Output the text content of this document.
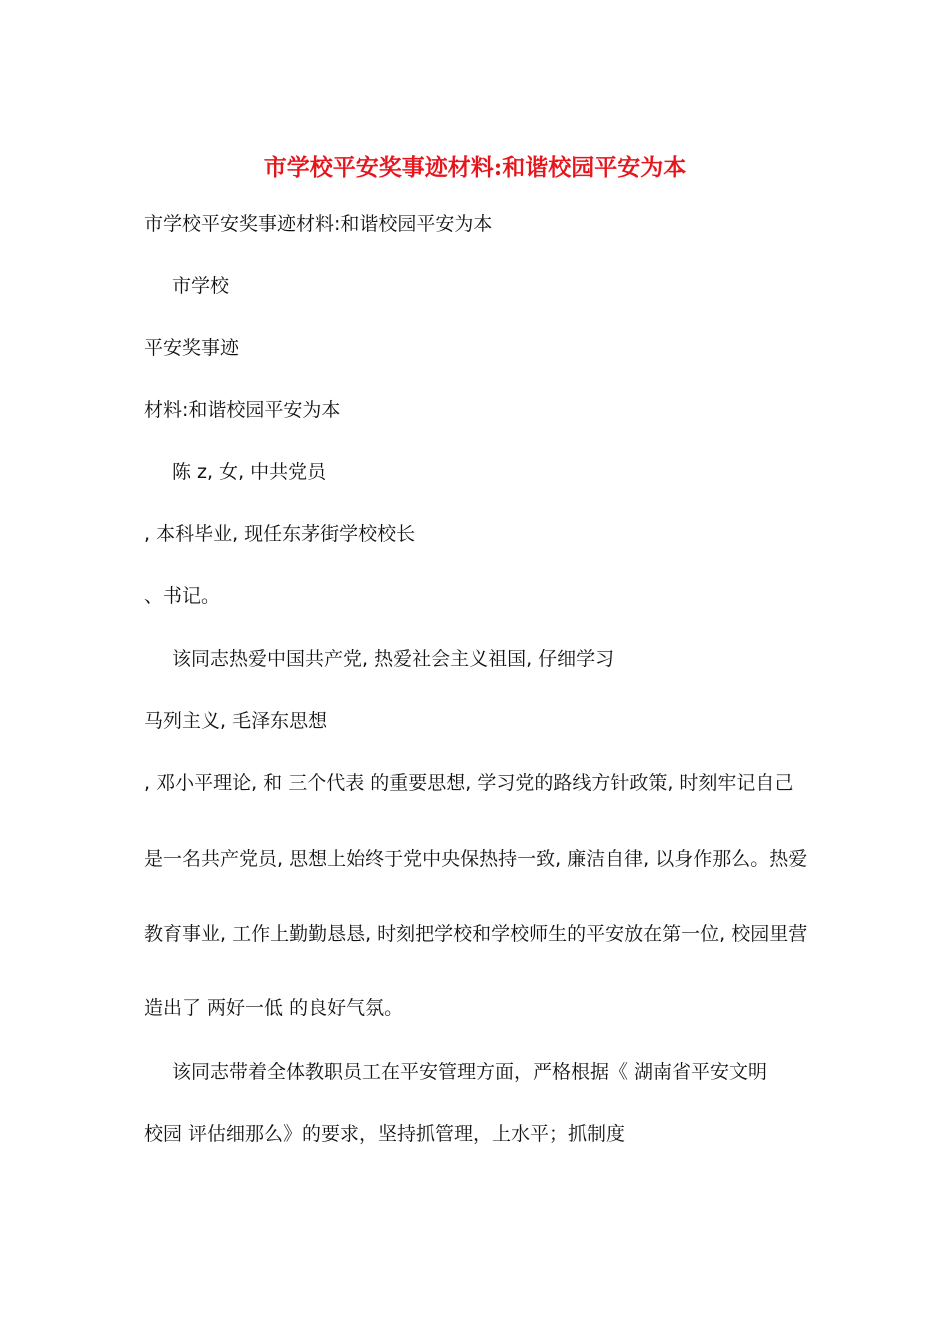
市学校平安奖事迹材料:和谐校园平安为本
市学校平安奖事迹材料:和谐校园平安为本
市学校
平安奖事迹
材料:和谐校园平安为本
陈 z, 女, 中共党员
, 本科毕业, 现任东茅街学校校长
、书记。
该同志热爱中国共产党, 热爱社会主义祖国, 仔细学习
马列主义, 毛泽东思想
, 邓小平理论, 和 三个代表 的重要思想, 学习党的路线方针政策, 时刻牢记自己
是一名共产党员, 思想上始终于党中央保热持一致, 廉洁自律, 以身作那么。热爱
教育事业, 工作上勤勤恳恳, 时刻把学校和学校师生的平安放在第一位, 校园里营
造出了 两好一低 的良好气氛。
该同志带着全体教职员工在平安管理方面，严格根据《 湖南省平安文明
校园 评估细那么》的要求，坚持抓管理，上水平；抓制度
